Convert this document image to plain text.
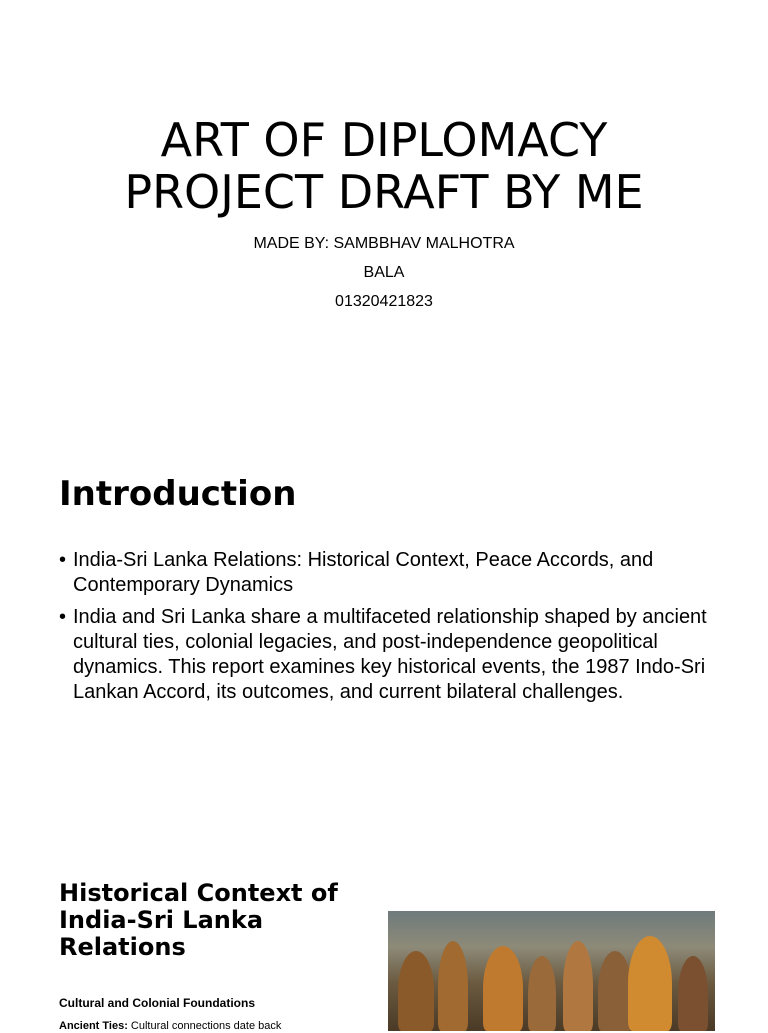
ART OF DIPLOMACY
PROJECT DRAFT BY ME
MADE BY: SAMBBHAV MALHOTRA
BALA
01320421823
Introduction
• India-Sri Lanka Relations: Historical Context, Peace Accords, and Contemporary Dynamics
• India and Sri Lanka share a multifaceted relationship shaped by ancient cultural ties, colonial legacies, and post-independence geopolitical dynamics. This report examines key historical events, the 1987 Indo-Sri Lankan Accord, its outcomes, and current bilateral challenges.
Historical Context of India-Sri Lanka Relations
Cultural and Colonial Foundations
Ancient Ties: Cultural connections date back
